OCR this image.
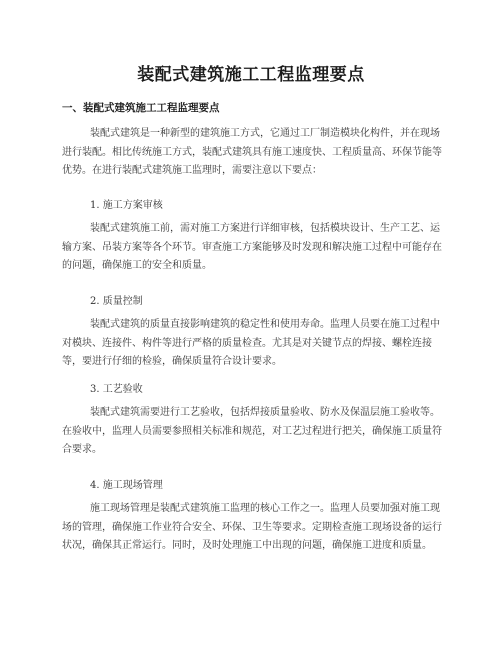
装配式建筑施工工程监理要点
一、装配式建筑施工工程监理要点

装配式建筑是一种新型的建筑施工方式，它通过工厂制造模块化构件，并在现场进行装配。相比传统施工方式，装配式建筑具有施工速度快、工程质量高、环保节能等优势。在进行装配式建筑施工监理时，需要注意以下要点：

1. 施工方案审核

装配式建筑施工前，需对施工方案进行详细审核，包括模块设计、生产工艺、运输方案、吊装方案等各个环节。审查施工方案能够及时发现和解决施工过程中可能存在的问题，确保施工的安全和质量。

2. 质量控制

装配式建筑的质量直接影响建筑的稳定性和使用寿命。监理人员要在施工过程中对模块、连接件、构件等进行严格的质量检查。尤其是对关键节点的焊接、螺栓连接等，要进行仔细的检验，确保质量符合设计要求。

3. 工艺验收

装配式建筑需要进行工艺验收，包括焊接质量验收、防水及保温层施工验收等。在验收中，监理人员需要参照相关标准和规范，对工艺过程进行把关，确保施工质量符合要求。

4. 施工现场管理

施工现场管理是装配式建筑施工监理的核心工作之一。监理人员要加强对施工现场的管理，确保施工作业符合安全、环保、卫生等要求。定期检查施工现场设备的运行状况，确保其正常运行。同时，及时处理施工中出现的问题，确保施工进度和质量。
